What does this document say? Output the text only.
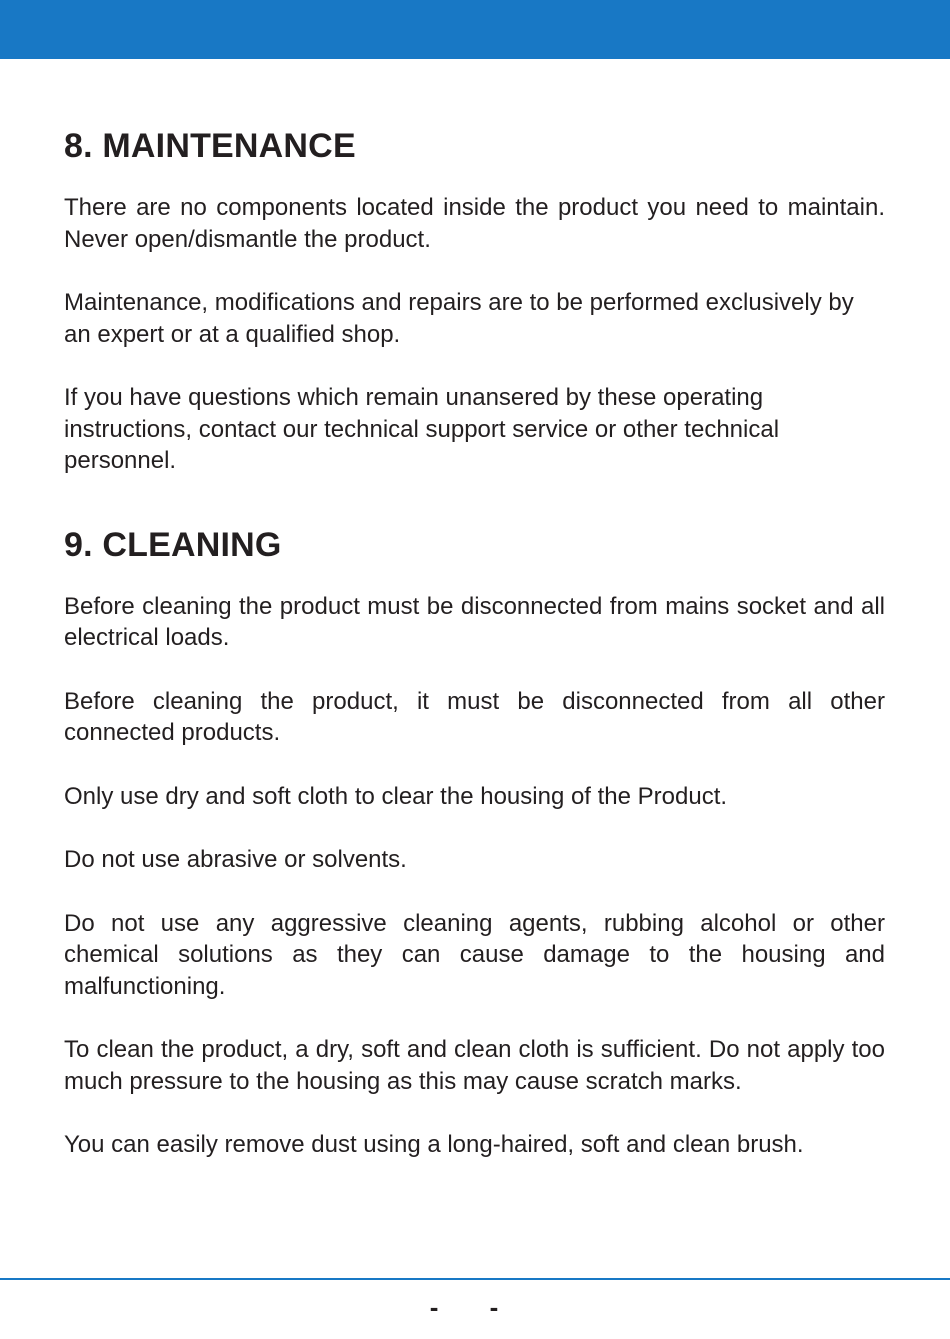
8. MAINTENANCE

There are no components located inside the product you need to maintain. Never open/dismantle the product.

Maintenance, modifications and repairs are to be performed exclusively by an expert or at a qualified shop.

If you have questions which remain unansered by these operating instructions, contact our technical support service or other technical personnel.

9. CLEANING

Before cleaning the product must be disconnected from mains socket and all electrical loads.

Before cleaning the product, it must be disconnected from all other connected products.

Only use dry and soft cloth to clear the housing of the Product.

Do not use abrasive or solvents.

Do not use any aggressive cleaning agents, rubbing alcohol or other chemical solutions as they can cause damage to the housing and malfunctioning.

To clean the product, a dry, soft and clean cloth is sufficient. Do not apply too much pressure to the housing as this may cause scratch marks.

You can easily remove dust using a long-haired, soft and clean brush.

- -
